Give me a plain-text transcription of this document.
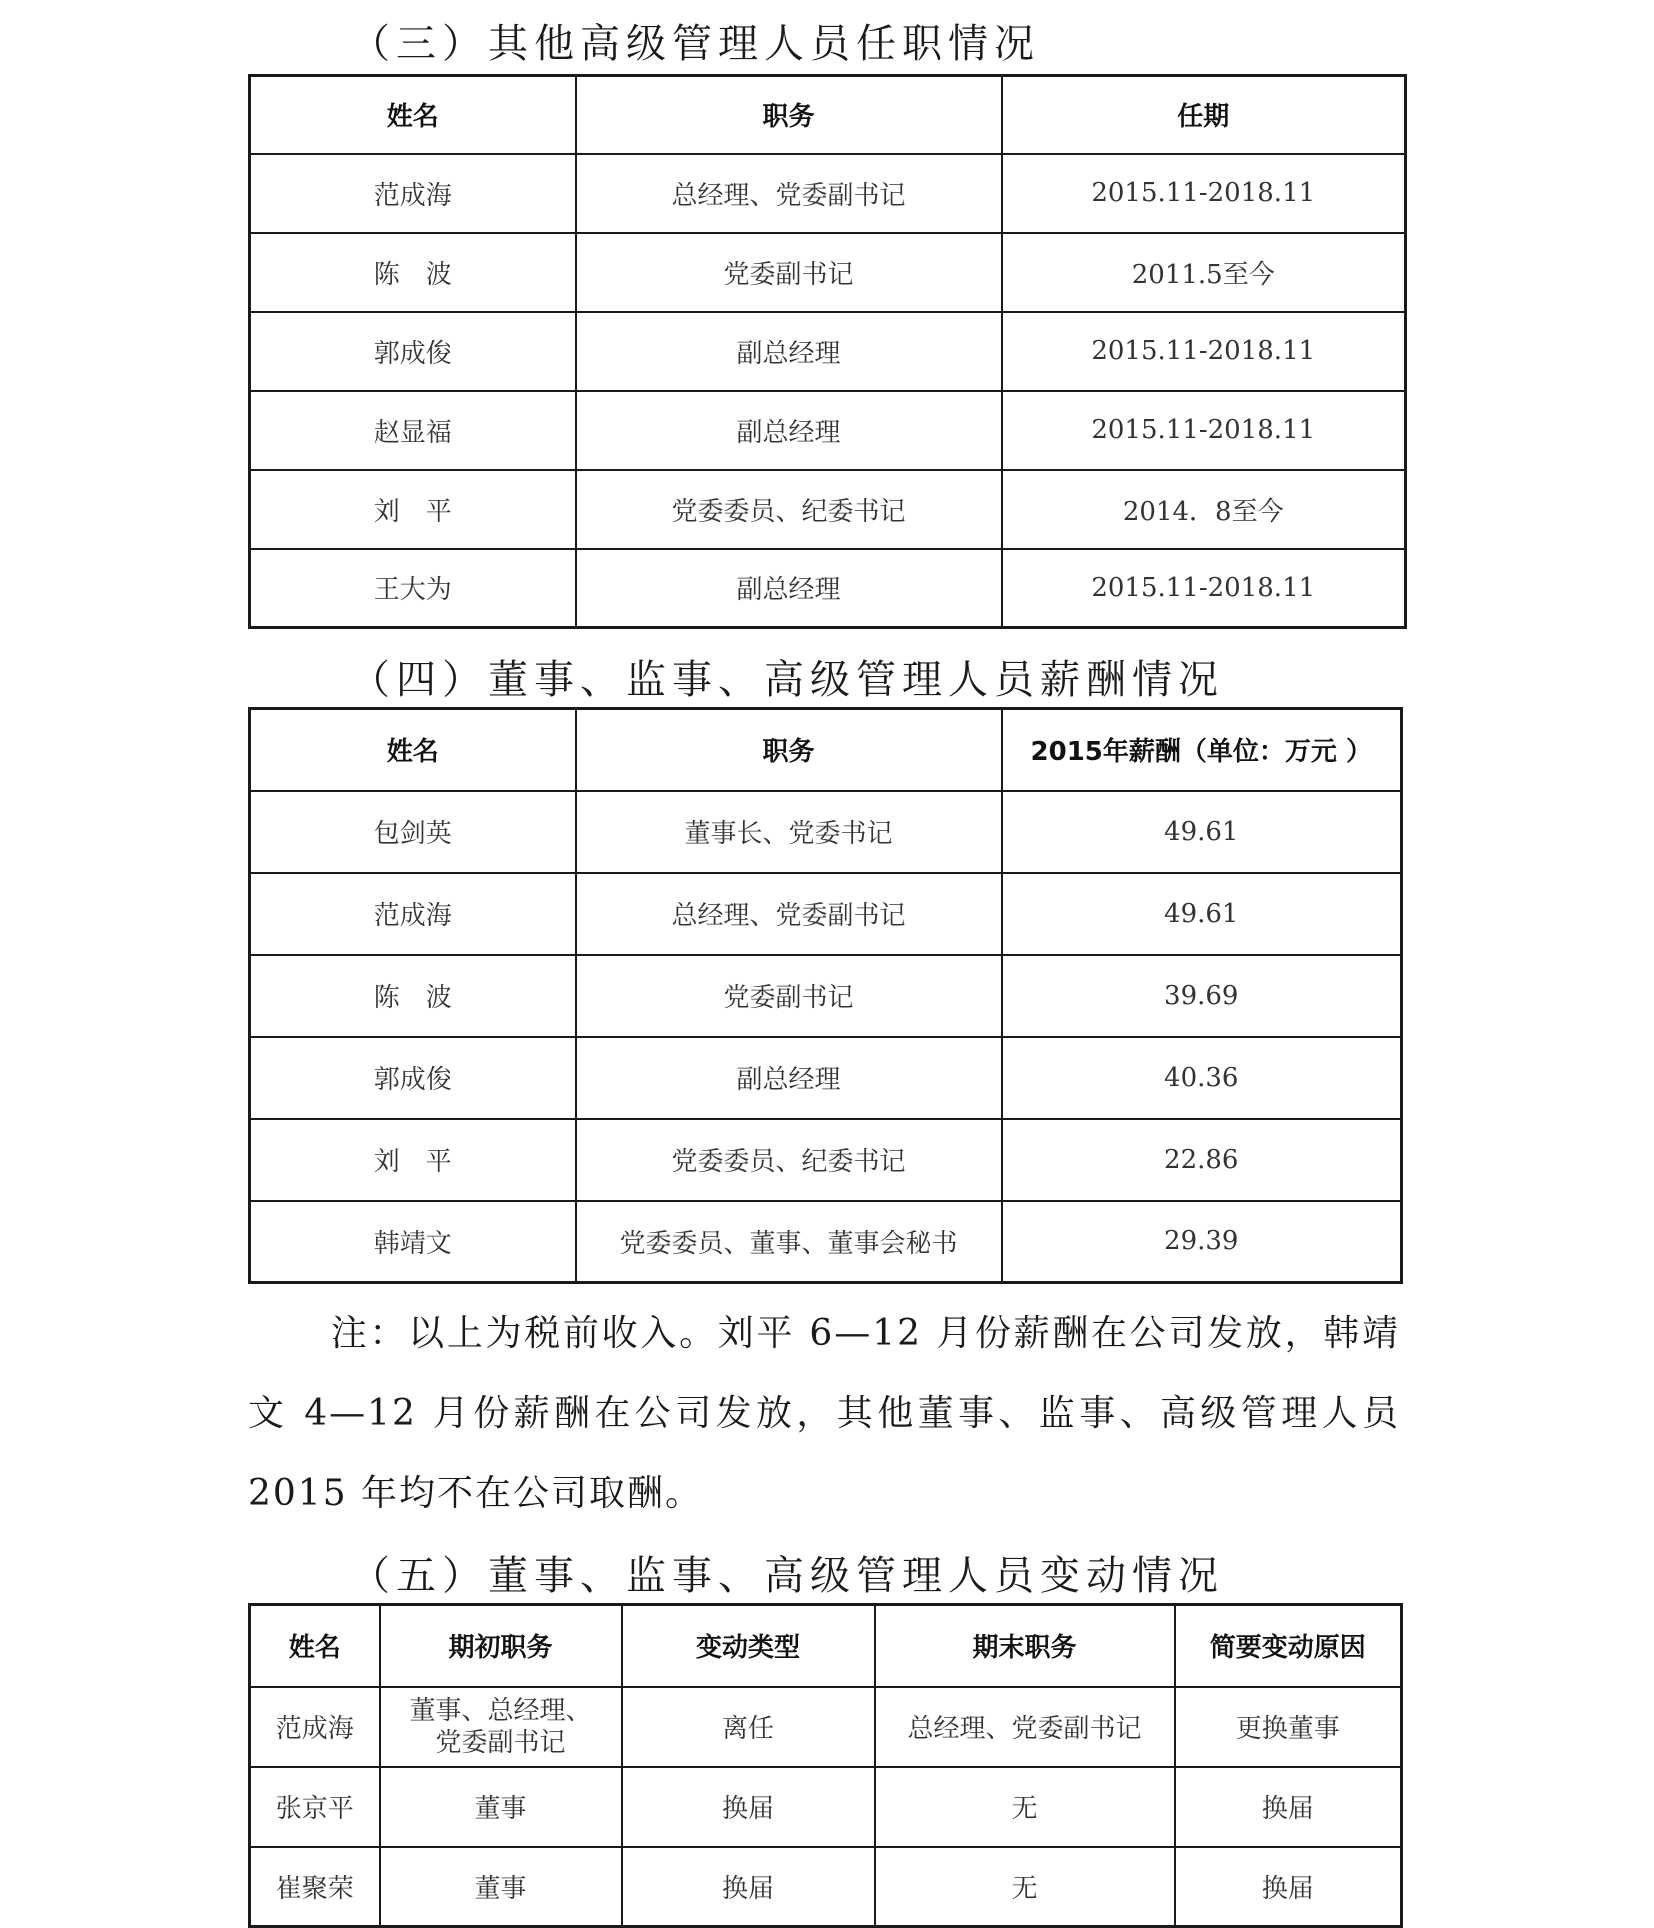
（三）其他高级管理人员任职情况
姓名	职务	任期
范成海	总经理、党委副书记	2015.11-2018.11
陈　波	党委副书记	2011.5至今
郭成俊	副总经理	2015.11-2018.11
赵显福	副总经理	2015.11-2018.11
刘　平	党委委员、纪委书记	2014．8至今
王大为	副总经理	2015.11-2018.11
（四）董事、监事、高级管理人员薪酬情况
姓名	职务	2015年薪酬（单位：万元 ）
包剑英	董事长、党委书记	49.61
范成海	总经理、党委副书记	49.61
陈　波	党委副书记	39.69
郭成俊	副总经理	40.36
刘　平	党委委员、纪委书记	22.86
韩靖文	党委委员、董事、董事会秘书	29.39
注：以上为税前收入。刘平 6—12 月份薪酬在公司发放，韩靖文 4—12 月份薪酬在公司发放，其他董事、监事、高级管理人员 2015 年均不在公司取酬。
（五）董事、监事、高级管理人员变动情况
姓名	期初职务	变动类型	期末职务	简要变动原因
范成海	董事、总经理、党委副书记	离任	总经理、党委副书记	更换董事
张京平	董事	换届	无	换届
崔聚荣	董事	换届	无	换届
